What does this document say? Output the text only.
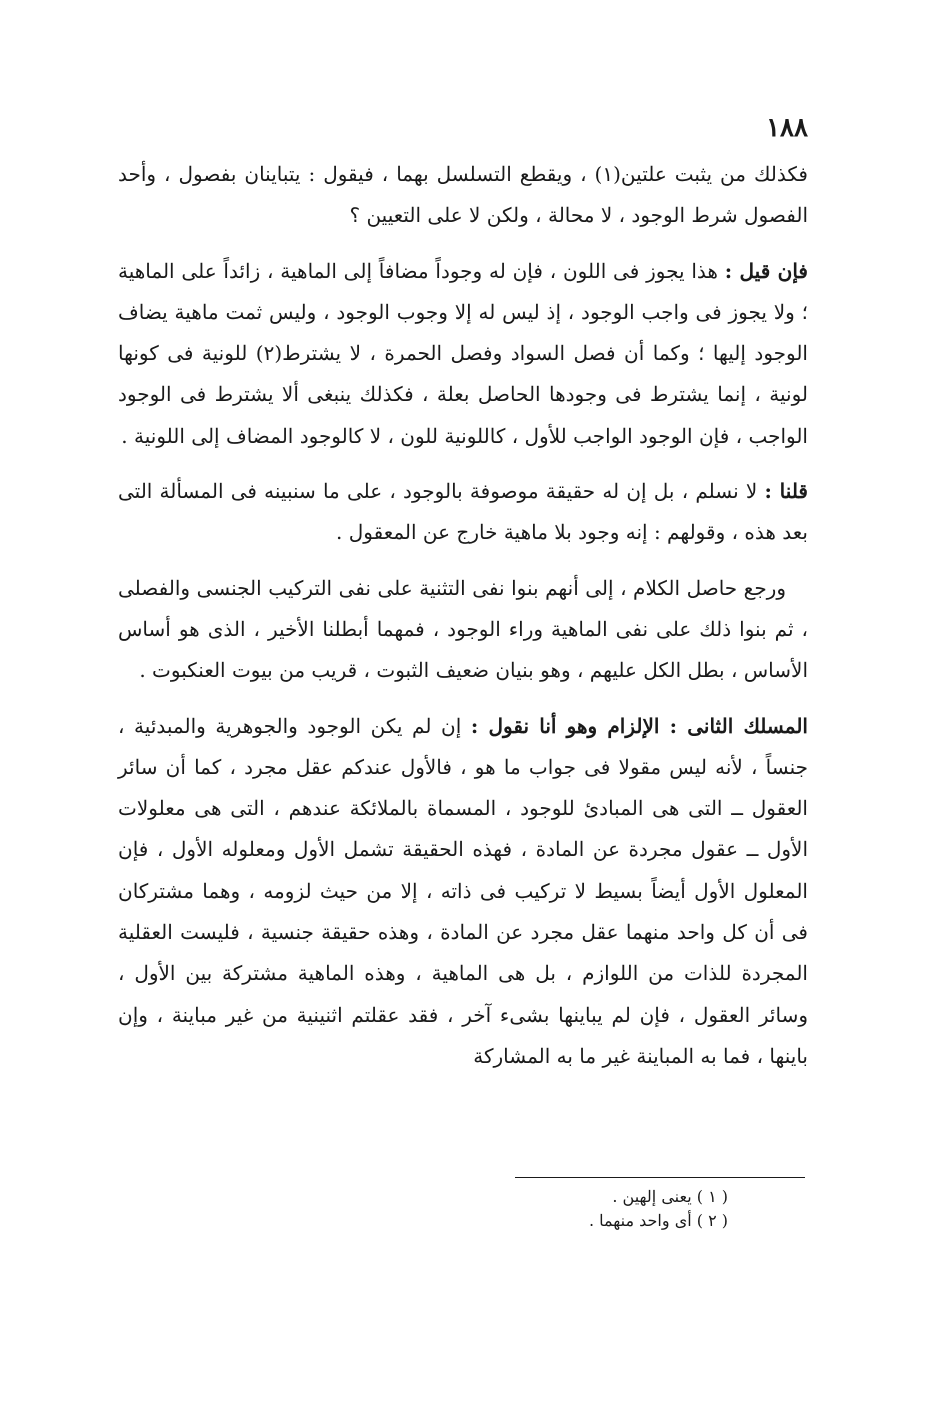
١٨٨
فكذلك من يثبت علتين(١) ، ويقطع التسلسل بهما ، فيقول : يتباينان بفصول ، وأحد الفصول شرط الوجود ، لا محالة ، ولكن لا على التعيين ؟
فإن قيل : هذا يجوز فى اللون ، فإن له وجوداً مضافاً إلى الماهية ، زائداً على الماهية ؛ ولا يجوز فى واجب الوجود ، إذ ليس له إلا وجوب الوجود ، وليس ثمت ماهية يضاف الوجود إليها ؛ وكما أن فصل السواد وفصل الحمرة ، لا يشترط(٢) للونية فى كونها لونية ، إنما يشترط فى وجودها الحاصل بعلة ، فكذلك ينبغى ألا يشترط فى الوجود الواجب ، فإن الوجود الواجب للأول ، كاللونية للون ، لا كالوجود المضاف إلى اللونية .
قلنا : لا نسلم ، بل إن له حقيقة موصوفة بالوجود ، على ما سنبينه فى المسألة التى بعد هذه ، وقولهم : إنه وجود بلا ماهية خارج عن المعقول .
ورجع حاصل الكلام ، إلى أنهم بنوا نفى التثنية على نفى التركيب الجنسى والفصلى ، ثم بنوا ذلك على نفى الماهية وراء الوجود ، فمهما أبطلنا الأخير ، الذى هو أساس الأساس ، بطل الكل عليهم ، وهو بنيان ضعيف الثبوت ، قريب من بيوت العنكبوت .
المسلك الثانى : الإلزام وهو أنا نقول : إن لم يكن الوجود والجوهرية والمبدئية ، جنساً ، لأنه ليس مقولا فى جواب ما هو ، فالأول عندكم عقل مجرد ، كما أن سائر العقول ــ التى هى المبادئ للوجود ، المسماة بالملائكة عندهم ، التى هى معلولات الأول ــ عقول مجردة عن المادة ، فهذه الحقيقة تشمل الأول ومعلوله الأول ، فإن المعلول الأول أيضاً بسيط لا تركيب فى ذاته ، إلا من حيث لزومه ، وهما مشتركان فى أن كل واحد منهما عقل مجرد عن المادة ، وهذه حقيقة جنسية ، فليست العقلية المجردة للذات من اللوازم ، بل هى الماهية ، وهذه الماهية مشتركة بين الأول ، وسائر العقول ، فإن لم يباينها بشىء آخر ، فقد عقلتم اثنينية من غير مباينة ، وإن باينها ، فما به المباينة غير ما به المشاركة

( ١ ) يعنى إلهين .

( ٢ ) أى واحد منهما .
